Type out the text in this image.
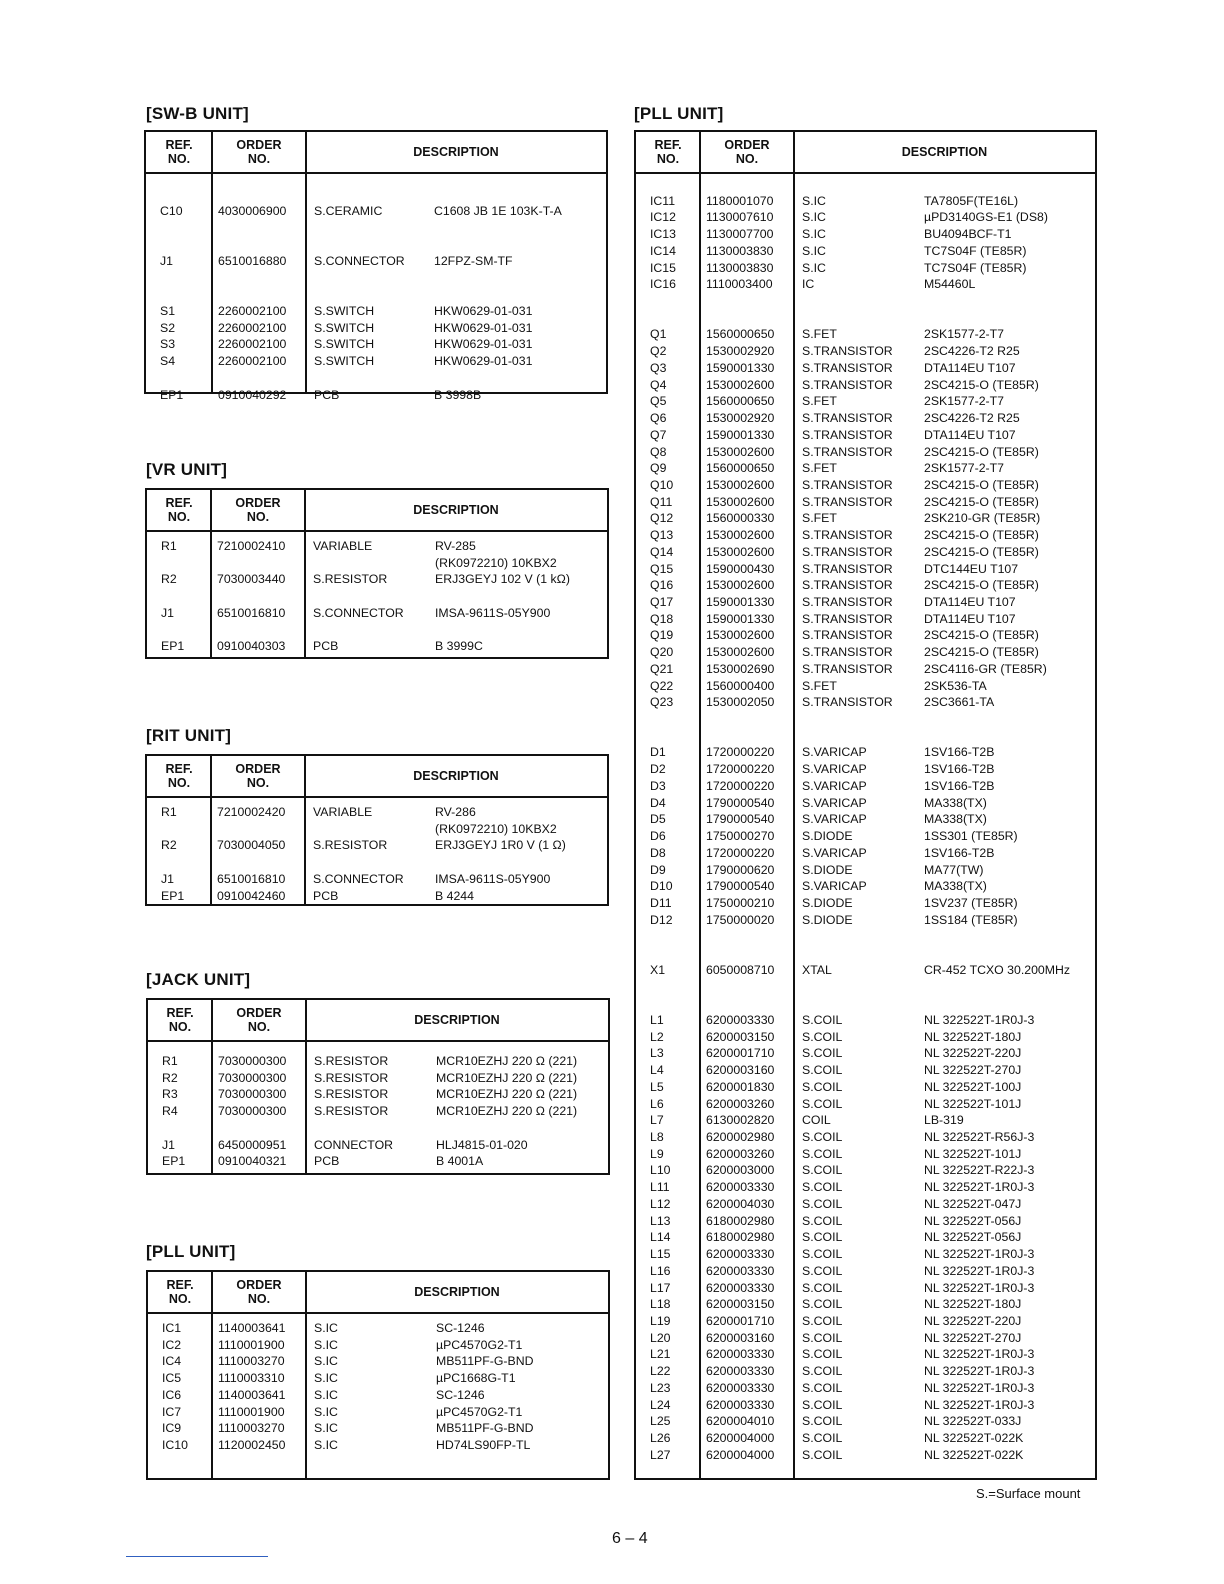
[SW-B UNIT]
[VR UNIT]
[RIT UNIT]
[JACK UNIT]
[PLL UNIT]
[PLL UNIT]
REF.
NO.
ORDER
NO.	DESCRIPTION
C10	4030006900 S.CERAMIC	C1608 JB 1E 103K-T-A
J1	6510016880 S.CONNECTOR 12FPZ-SM-TF
S1	2260002100 S.SWITCH	HKW0629-01-031
S2	2260002100 S.SWITCH	HKW0629-01-031
S3	2260002100 S.SWITCH	HKW0629-01-031
S4	2260002100 S.SWITCH	HKW0629-01-031
EP1	0910040292 PCB	B 3998B
REF.
NO.
ORDER
NO.	DESCRIPTION
R1	7210002410 VARIABLE	RV-285
(RK0972210) 10KBX2
R2	7030003440 S.RESISTOR	ERJ3GEYJ 102 V (1 kΩ)
J1	6510016810 S.CONNECTOR	IMSA-9611S-05Y900
EP1	0910040303 PCB	B 3999C
REF.
NO.
ORDER
NO.	DESCRIPTION
R1	7210002420 VARIABLE	RV-286
(RK0972210) 10KBX2
R2	7030004050 S.RESISTOR	ERJ3GEYJ 1R0 V (1 Ω)
J1	6510016810 S.CONNECTOR	IMSA-9611S-05Y900
EP1	0910042460 PCB	B 4244
REF.
NO.
ORDER
NO.	DESCRIPTION
R1	7030000300 S.RESISTOR	MCR10EZHJ 220 Ω (221)
R2	7030000300 S.RESISTOR	MCR10EZHJ 220 Ω (221)
R3	7030000300 S.RESISTOR	MCR10EZHJ 220 Ω (221)
R4	7030000300 S.RESISTOR	MCR10EZHJ 220 Ω (221)
J1	6450000951 CONNECTOR	HLJ4815-01-020
EP1	0910040321 PCB	B 4001A
REF.
NO.
ORDER
NO.	DESCRIPTION
IC1	1140003641 S.IC	SC-1246
IC2	1110001900 S.IC	µPC4570G2-T1
IC4	1110003270 S.IC	MB511PF-G-BND
IC5	1110003310 S.IC	µPC1668G-T1
IC6	1140003641 S.IC	SC-1246
IC7	1110001900 S.IC	µPC4570G2-T1
IC9	1110003270 S.IC	MB511PF-G-BND
IC10 1120002450 S.IC	HD74LS90FP-TL
REF.
NO.
ORDER
NO.	DESCRIPTION
IC11	1180001070 S.IC	TA7805F(TE16L)
IC12 1130007610 S.IC	µPD3140GS-E1 (DS8)
IC13 1130007700 S.IC	BU4094BCF-T1
IC14 1130003830 S.IC	TC7S04F (TE85R)
IC15 1130003830 S.IC	TC7S04F (TE85R)
IC16 1110003400 IC	M54460L
Q1	1560000650 S.FET	2SK1577-2-T7
Q2	1530002920 S.TRANSISTOR	2SC4226-T2 R25
Q3	1590001330 S.TRANSISTOR	DTA114EU T107
Q4	1530002600 S.TRANSISTOR	2SC4215-O (TE85R)
Q5	1560000650 S.FET	2SK1577-2-T7
Q6	1530002920 S.TRANSISTOR	2SC4226-T2 R25
Q7	1590001330 S.TRANSISTOR	DTA114EU T107
Q8	1530002600 S.TRANSISTOR	2SC4215-O (TE85R)
Q9	1560000650 S.FET	2SK1577-2-T7
Q10	1530002600 S.TRANSISTOR	2SC4215-O (TE85R)
Q11	1530002600 S.TRANSISTOR	2SC4215-O (TE85R)
Q12	1560000330 S.FET	2SK210-GR (TE85R)
Q13	1530002600 S.TRANSISTOR	2SC4215-O (TE85R)
Q14	1530002600 S.TRANSISTOR	2SC4215-O (TE85R)
Q15	1590000430 S.TRANSISTOR	DTC144EU T107
Q16	1530002600 S.TRANSISTOR	2SC4215-O (TE85R)
Q17	1590001330 S.TRANSISTOR	DTA114EU T107
Q18	1590001330 S.TRANSISTOR	DTA114EU T107
Q19	1530002600 S.TRANSISTOR	2SC4215-O (TE85R)
Q20	1530002600 S.TRANSISTOR	2SC4215-O (TE85R)
Q21	1530002690 S.TRANSISTOR	2SC4116-GR (TE85R)
Q22	1560000400 S.FET	2SK536-TA
Q23	1530002050 S.TRANSISTOR	2SC3661-TA
D1	1720000220 S.VARICAP	1SV166-T2B
D2	1720000220 S.VARICAP	1SV166-T2B
D3	1720000220 S.VARICAP	1SV166-T2B
D4	1790000540 S.VARICAP	MA338(TX)
D5	1790000540 S.VARICAP	MA338(TX)
D6	1750000270 S.DIODE	1SS301 (TE85R)
D8	1720000220 S.VARICAP	1SV166-T2B
D9	1790000620 S.DIODE	MA77(TW)
D10	1790000540 S.VARICAP	MA338(TX)
D11	1750000210 S.DIODE	1SV237 (TE85R)
D12	1750000020 S.DIODE	1SS184 (TE85R)
X1	6050008710 XTAL	CR-452 TCXO 30.200MHz
L1	6200003330 S.COIL	NL 322522T-1R0J-3
L2	6200003150 S.COIL	NL 322522T-180J
L3	6200001710 S.COIL	NL 322522T-220J
L4	6200003160 S.COIL	NL 322522T-270J
L5	6200001830 S.COIL	NL 322522T-100J
L6	6200003260 S.COIL	NL 322522T-101J
L7	6130002820 COIL	LB-319
L8	6200002980 S.COIL	NL 322522T-R56J-3
L9	6200003260 S.COIL	NL 322522T-101J
L10	6200003000 S.COIL	NL 322522T-R22J-3
L11	6200003330 S.COIL	NL 322522T-1R0J-3
L12	6200004030 S.COIL	NL 322522T-047J
L13	6180002980 S.COIL	NL 322522T-056J
L14	6180002980 S.COIL	NL 322522T-056J
L15	6200003330 S.COIL	NL 322522T-1R0J-3
L16	6200003330 S.COIL	NL 322522T-1R0J-3
L17	6200003330 S.COIL	NL 322522T-1R0J-3
L18	6200003150 S.COIL	NL 322522T-180J
L19	6200001710 S.COIL	NL 322522T-220J
L20	6200003160 S.COIL	NL 322522T-270J
L21	6200003330 S.COIL	NL 322522T-1R0J-3
L22	6200003330 S.COIL	NL 322522T-1R0J-3
L23	6200003330 S.COIL	NL 322522T-1R0J-3
L24	6200003330 S.COIL	NL 322522T-1R0J-3
L25	6200004010 S.COIL	NL 322522T-033J
L26	6200004000 S.COIL	NL 322522T-022K
L27	6200004000 S.COIL	NL 322522T-022K
S.=Surface mount
6 – 4
